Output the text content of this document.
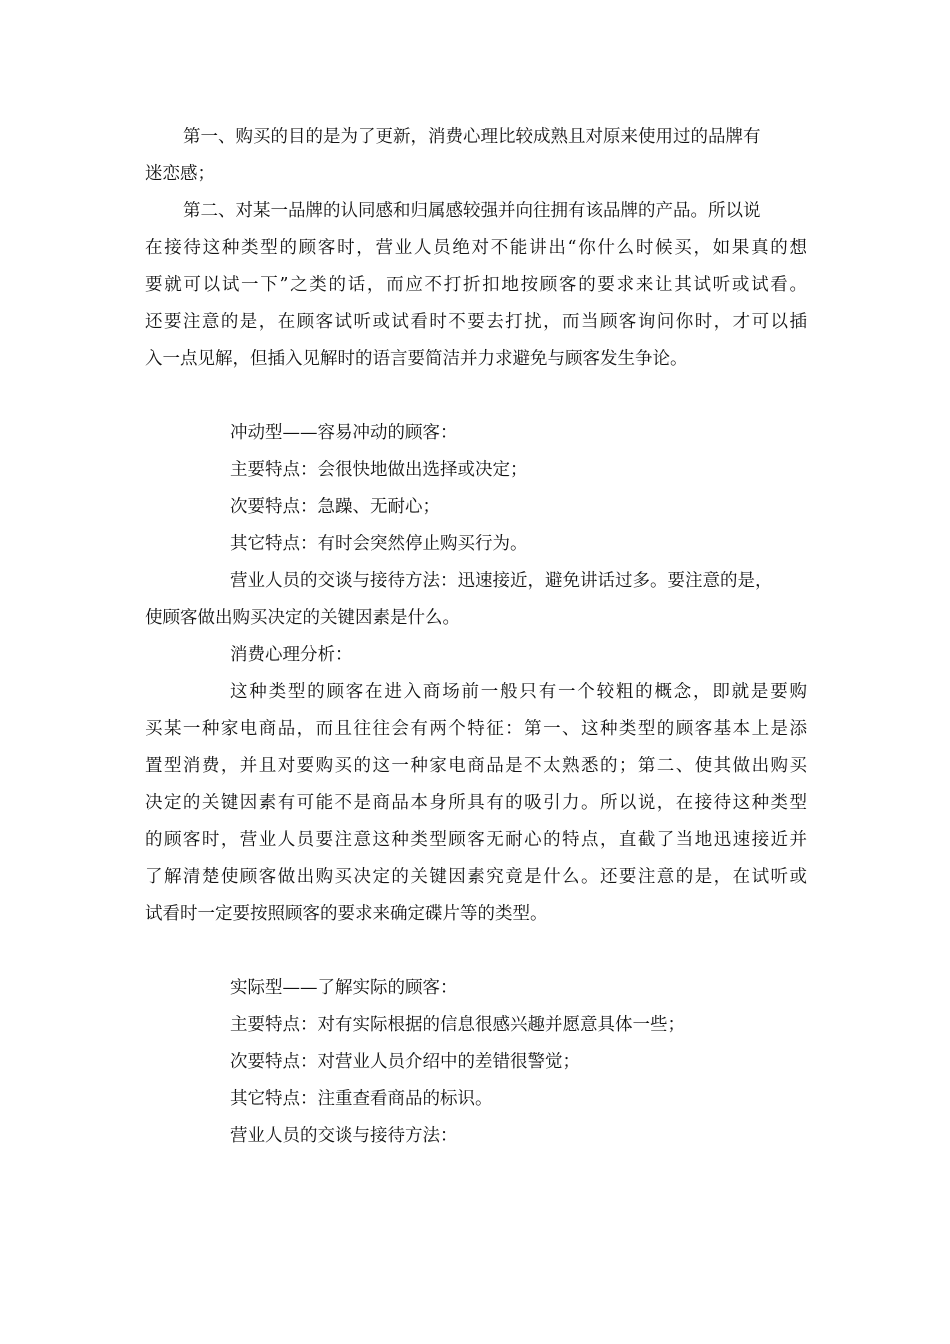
第一、购买的目的是为了更新，消费心理比较成熟且对原来使用过的品牌有
迷恋感；
第二、对某一品牌的认同感和归属感较强并向往拥有该品牌的产品。所以说
在接待这种类型的顾客时，营业人员绝对不能讲出“你什么时候买，如果真的想
要就可以试一下”之类的话，而应不打折扣地按顾客的要求来让其试听或试看。
还要注意的是，在顾客试听或试看时不要去打扰，而当顾客询问你时，才可以插
入一点见解，但插入见解时的语言要简洁并力求避免与顾客发生争论。
冲动型——容易冲动的顾客：
主要特点：会很快地做出选择或决定；
次要特点：急躁、无耐心；
其它特点：有时会突然停止购买行为。
营业人员的交谈与接待方法：迅速接近，避免讲话过多。要注意的是，
使顾客做出购买决定的关键因素是什么。
消费心理分析：
这种类型的顾客在进入商场前一般只有一个较粗的概念，即就是要购
买某一种家电商品，而且往往会有两个特征：第一、这种类型的顾客基本上是添
置型消费，并且对要购买的这一种家电商品是不太熟悉的；第二、使其做出购买
决定的关键因素有可能不是商品本身所具有的吸引力。所以说，在接待这种类型
的顾客时，营业人员要注意这种类型顾客无耐心的特点，直截了当地迅速接近并
了解清楚使顾客做出购买决定的关键因素究竟是什么。还要注意的是，在试听或
试看时一定要按照顾客的要求来确定碟片等的类型。
实际型——了解实际的顾客：
主要特点：对有实际根据的信息很感兴趣并愿意具体一些；
次要特点：对营业人员介绍中的差错很警觉；
其它特点：注重查看商品的标识。
营业人员的交谈与接待方法：
